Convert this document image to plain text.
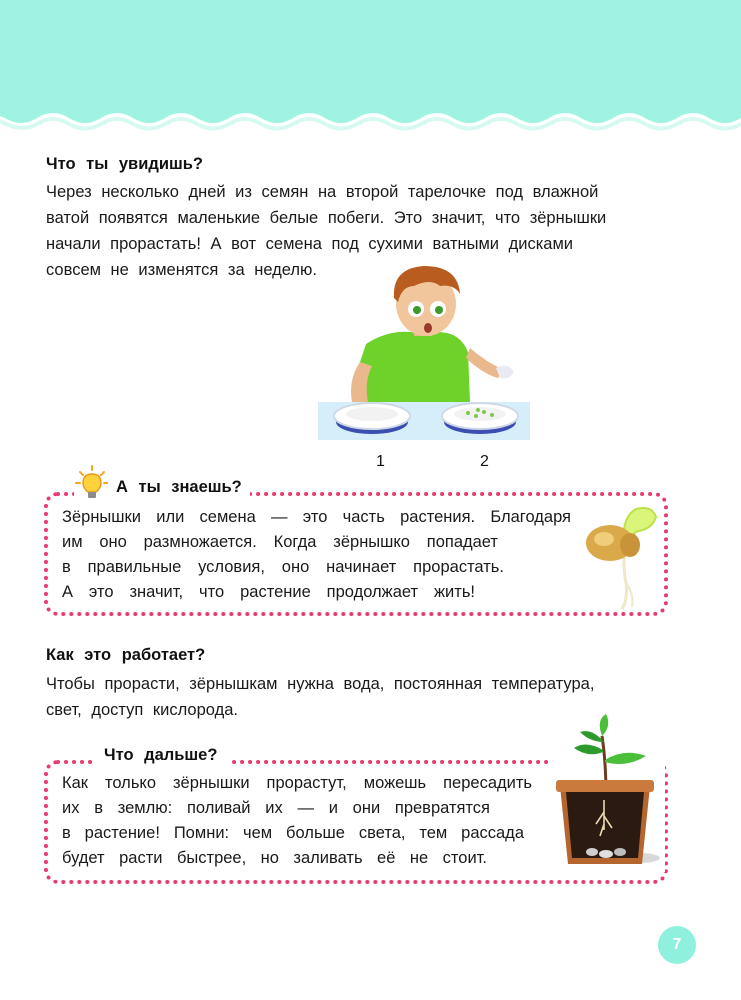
Что ты увидишь?
Через несколько дней из семян на второй тарелочке под влажной
ватой появятся маленькие белые побеги. Это значит, что зёрнышки
начали прорастать! А вот семена под сухими ватными дисками
совсем не изменятся за неделю.
1	2
А ты знаешь?
Зёрнышки или семена — это часть растения. Благодаря
им оно размножается. Когда зёрнышко попадает
в правильные условия, оно начинает прорастать.
А это значит, что растение продолжает жить!
Как это работает?
Чтобы прорасти, зёрнышкам нужна вода, постоянная температура,
свет, доступ кислорода.
Что дальше?
Как только зёрнышки прорастут, можешь пересадить
их в землю: поливай их — и они превратятся
в растение! Помни: чем больше света, тем рассада
будет расти быстрее, но заливать её не стоит.
7
